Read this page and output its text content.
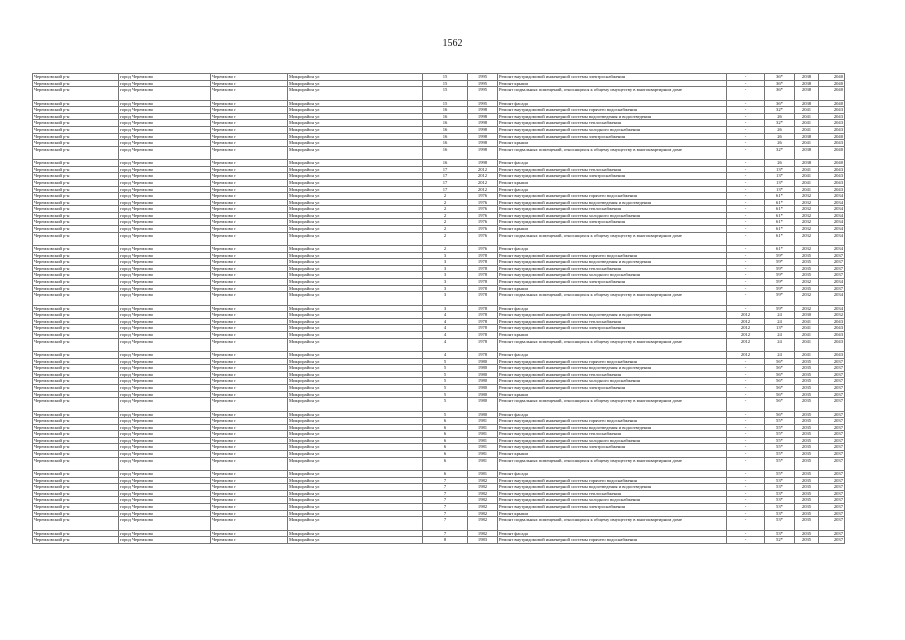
1562
Черемховский р-н	город Черемхово	Черемхово г	Микрорайон ул	15	1995	Ремонт внутридомовой инженерной системы электроснабжения	-	36*	2038	2040
Черемховский р-н	город Черемхово	Черемхово г	Микрорайон ул	15	1995	Ремонт крыши	-	36*	2038	2040
Черемховский р-н	город Черемхово	Черемхово г	Микрорайон ул	15	1995	Ремонт подвальных помещений, относящихся к общему имуществу в многоквартирном доме	-	36*	2038	2040
Черемховский р-н	город Черемхово	Черемхово г	Микрорайон ул	15	1995	Ремонт фасада	-	36*	2038	2040
Черемховский р-н	город Черемхово	Черемхово г	Микрорайон ул	16	1998	Ремонт внутридомовой инженерной системы горячего водоснабжения	-	32*	2041	2043
Черемховский р-н	город Черемхово	Черемхово г	Микрорайон ул	16	1998	Ремонт внутридомовой инженерной системы водоотведения и водоотведения	-	26	2041	2043
Черемховский р-н	город Черемхово	Черемхово г	Микрорайон ул	16	1998	Ремонт внутридомовой инженерной системы теплоснабжения	-	32*	2041	2043
Черемховский р-н	город Черемхово	Черемхово г	Микрорайон ул	16	1998	Ремонт внутридомовой инженерной системы холодного водоснабжения	-	26	2041	2043
Черемховский р-н	город Черемхово	Черемхово г	Микрорайон ул	16	1998	Ремонт внутридомовой инженерной системы электроснабжения	-	26	2038	2040
Черемховский р-н	город Черемхово	Черемхово г	Микрорайон ул	16	1998	Ремонт крыши	-	26	2041	2043
Черемховский р-н	город Черемхово	Черемхово г	Микрорайон ул	16	1998	Ремонт подвальных помещений, относящихся к общему имуществу в многоквартирном доме	-	32*	2038	2040
Черемховский р-н	город Черемхово	Черемхово г	Микрорайон ул	16	1998	Ремонт фасада	-	26	2038	2040
Черемховский р-н	город Черемхово	Черемхово г	Микрорайон ул	17	2012	Ремонт внутридомовой инженерной системы теплоснабжения	-	13*	2041	2043
Черемховский р-н	город Черемхово	Черемхово г	Микрорайон ул	17	2012	Ремонт внутридомовой инженерной системы электроснабжения	-	13*	2041	2043
Черемховский р-н	город Черемхово	Черемхово г	Микрорайон ул	17	2012	Ремонт крыши	-	13*	2041	2043
Черемховский р-н	город Черемхово	Черемхово г	Микрорайон ул	17	2012	Ремонт фасада	-	13*	2041	2043
Черемховский р-н	город Черемхово	Черемхово г	Микрорайон ул	2	1976	Ремонт внутридомовой инженерной системы горячего водоснабжения	-	61*	2032	2034
Черемховский р-н	город Черемхово	Черемхово г	Микрорайон ул	2	1976	Ремонт внутридомовой инженерной системы водоотведения и водоотведения	-	61*	2032	2034
Черемховский р-н	город Черемхово	Черемхово г	Микрорайон ул	2	1976	Ремонт внутридомовой инженерной системы теплоснабжения	-	61*	2032	2034
Черемховский р-н	город Черемхово	Черемхово г	Микрорайон ул	2	1976	Ремонт внутридомовой инженерной системы холодного водоснабжения	-	61*	2032	2034
Черемховский р-н	город Черемхово	Черемхово г	Микрорайон ул	2	1976	Ремонт внутридомовой инженерной системы электроснабжения	-	61*	2032	2034
Черемховский р-н	город Черемхово	Черемхово г	Микрорайон ул	2	1976	Ремонт крыши	-	61*	2032	2034
Черемховский р-н	город Черемхово	Черемхово г	Микрорайон ул	2	1976	Ремонт подвальных помещений, относящихся к общему имуществу в многоквартирном доме	-	61*	2032	2034
Черемховский р-н	город Черемхово	Черемхово г	Микрорайон ул	2	1976	Ремонт фасада	-	61*	2032	2034
Черемховский р-н	город Черемхово	Черемхово г	Микрорайон ул	3	1978	Ремонт внутридомовой инженерной системы горячего водоснабжения	-	59*	2035	2037
Черемховский р-н	город Черемхово	Черемхово г	Микрорайон ул	3	1978	Ремонт внутридомовой инженерной системы водоотведения и водоотведения	-	59*	2035	2037
Черемховский р-н	город Черемхово	Черемхово г	Микрорайон ул	3	1978	Ремонт внутридомовой инженерной системы теплоснабжения	-	59*	2035	2037
Черемховский р-н	город Черемхово	Черемхово г	Микрорайон ул	3	1978	Ремонт внутридомовой инженерной системы холодного водоснабжения	-	59*	2035	2037
Черемховский р-н	город Черемхово	Черемхово г	Микрорайон ул	3	1978	Ремонт внутридомовой инженерной системы электроснабжения	-	59*	2032	2034
Черемховский р-н	город Черемхово	Черемхово г	Микрорайон ул	3	1978	Ремонт крыши	-	59*	2035	2037
Черемховский р-н	город Черемхово	Черемхово г	Микрорайон ул	3	1978	Ремонт подвальных помещений, относящихся к общему имуществу в многоквартирном доме	-	59*	2032	2034
Черемховский р-н	город Черемхово	Черемхово г	Микрорайон ул	3	1978	Ремонт фасада	-	59*	2032	2034
Черемховский р-н	город Черемхово	Черемхово г	Микрорайон ул	4	1978	Ремонт внутридомовой инженерной системы водоотведения и водоотведения	2012	24	2030	2032
Черемховский р-н	город Черемхово	Черемхово г	Микрорайон ул	4	1978	Ремонт внутридомовой инженерной системы теплоснабжения	2012	24	2041	2043
Черемховский р-н	город Черемхово	Черемхово г	Микрорайон ул	4	1978	Ремонт внутридомовой инженерной системы электроснабжения	2012	13*	2041	2043
Черемховский р-н	город Черемхово	Черемхово г	Микрорайон ул	4	1978	Ремонт крыши	2012	24	2041	2043
Черемховский р-н	город Черемхово	Черемхово г	Микрорайон ул	4	1978	Ремонт подвальных помещений, относящихся к общему имуществу в многоквартирном доме	2012	24	2041	2043
Черемховский р-н	город Черемхово	Черемхово г	Микрорайон ул	4	1978	Ремонт фасада	2012	24	2041	2043
Черемховский р-н	город Черемхово	Черемхово г	Микрорайон ул	5	1980	Ремонт внутридомовой инженерной системы горячего водоснабжения	-	56*	2035	2037
Черемховский р-н	город Черемхово	Черемхово г	Микрорайон ул	5	1980	Ремонт внутридомовой инженерной системы водоотведения и водоотведения	-	56*	2035	2037
Черемховский р-н	город Черемхово	Черемхово г	Микрорайон ул	5	1980	Ремонт внутридомовой инженерной системы теплоснабжения	-	56*	2035	2037
Черемховский р-н	город Черемхово	Черемхово г	Микрорайон ул	5	1980	Ремонт внутридомовой инженерной системы холодного водоснабжения	-	56*	2035	2037
Черемховский р-н	город Черемхово	Черемхово г	Микрорайон ул	5	1980	Ремонт внутридомовой инженерной системы электроснабжения	-	56*	2035	2037
Черемховский р-н	город Черемхово	Черемхово г	Микрорайон ул	5	1980	Ремонт крыши	-	56*	2035	2037
Черемховский р-н	город Черемхово	Черемхово г	Микрорайон ул	5	1980	Ремонт подвальных помещений, относящихся к общему имуществу в многоквартирном доме	-	56*	2035	2037
Черемховский р-н	город Черемхово	Черемхово г	Микрорайон ул	5	1980	Ремонт фасада	-	56*	2035	2037
Черемховский р-н	город Черемхово	Черемхово г	Микрорайон ул	6	1981	Ремонт внутридомовой инженерной системы горячего водоснабжения	-	55*	2035	2037
Черемховский р-н	город Черемхово	Черемхово г	Микрорайон ул	6	1981	Ремонт внутридомовой инженерной системы водоотведения и водоотведения	-	55*	2035	2037
Черемховский р-н	город Черемхово	Черемхово г	Микрорайон ул	6	1981	Ремонт внутридомовой инженерной системы теплоснабжения	-	55*	2035	2037
Черемховский р-н	город Черемхово	Черемхово г	Микрорайон ул	6	1981	Ремонт внутридомовой инженерной системы холодного водоснабжения	-	55*	2035	2037
Черемховский р-н	город Черемхово	Черемхово г	Микрорайон ул	6	1981	Ремонт внутридомовой инженерной системы электроснабжения	-	55*	2035	2037
Черемховский р-н	город Черемхово	Черемхово г	Микрорайон ул	6	1981	Ремонт крыши	-	55*	2035	2037
Черемховский р-н	город Черемхово	Черемхово г	Микрорайон ул	6	1981	Ремонт подвальных помещений, относящихся к общему имуществу в многоквартирном доме	-	55*	2035	2037
Черемховский р-н	город Черемхово	Черемхово г	Микрорайон ул	6	1981	Ремонт фасада	-	55*	2035	2037
Черемховский р-н	город Черемхово	Черемхово г	Микрорайон ул	7	1982	Ремонт внутридомовой инженерной системы горячего водоснабжения	-	53*	2035	2037
Черемховский р-н	город Черемхово	Черемхово г	Микрорайон ул	7	1982	Ремонт внутридомовой инженерной системы водоотведения и водоотведения	-	53*	2035	2037
Черемховский р-н	город Черемхово	Черемхово г	Микрорайон ул	7	1982	Ремонт внутридомовой инженерной системы теплоснабжения	-	53*	2035	2037
Черемховский р-н	город Черемхово	Черемхово г	Микрорайон ул	7	1982	Ремонт внутридомовой инженерной системы холодного водоснабжения	-	53*	2035	2037
Черемховский р-н	город Черемхово	Черемхово г	Микрорайон ул	7	1982	Ремонт внутридомовой инженерной системы электроснабжения	-	53*	2035	2037
Черемховский р-н	город Черемхово	Черемхово г	Микрорайон ул	7	1982	Ремонт крыши	-	53*	2035	2037
Черемховский р-н	город Черемхово	Черемхово г	Микрорайон ул	7	1982	Ремонт подвальных помещений, относящихся к общему имуществу в многоквартирном доме	-	53*	2035	2037
Черемховский р-н	город Черемхово	Черемхово г	Микрорайон ул	7	1982	Ремонт фасада	-	53*	2035	2037
Черемховский р-н	город Черемхово	Черемхово г	Микрорайон ул	8	1983	Ремонт внутридомовой инженерной системы горячего водоснабжения	-	52*	2035	2037
